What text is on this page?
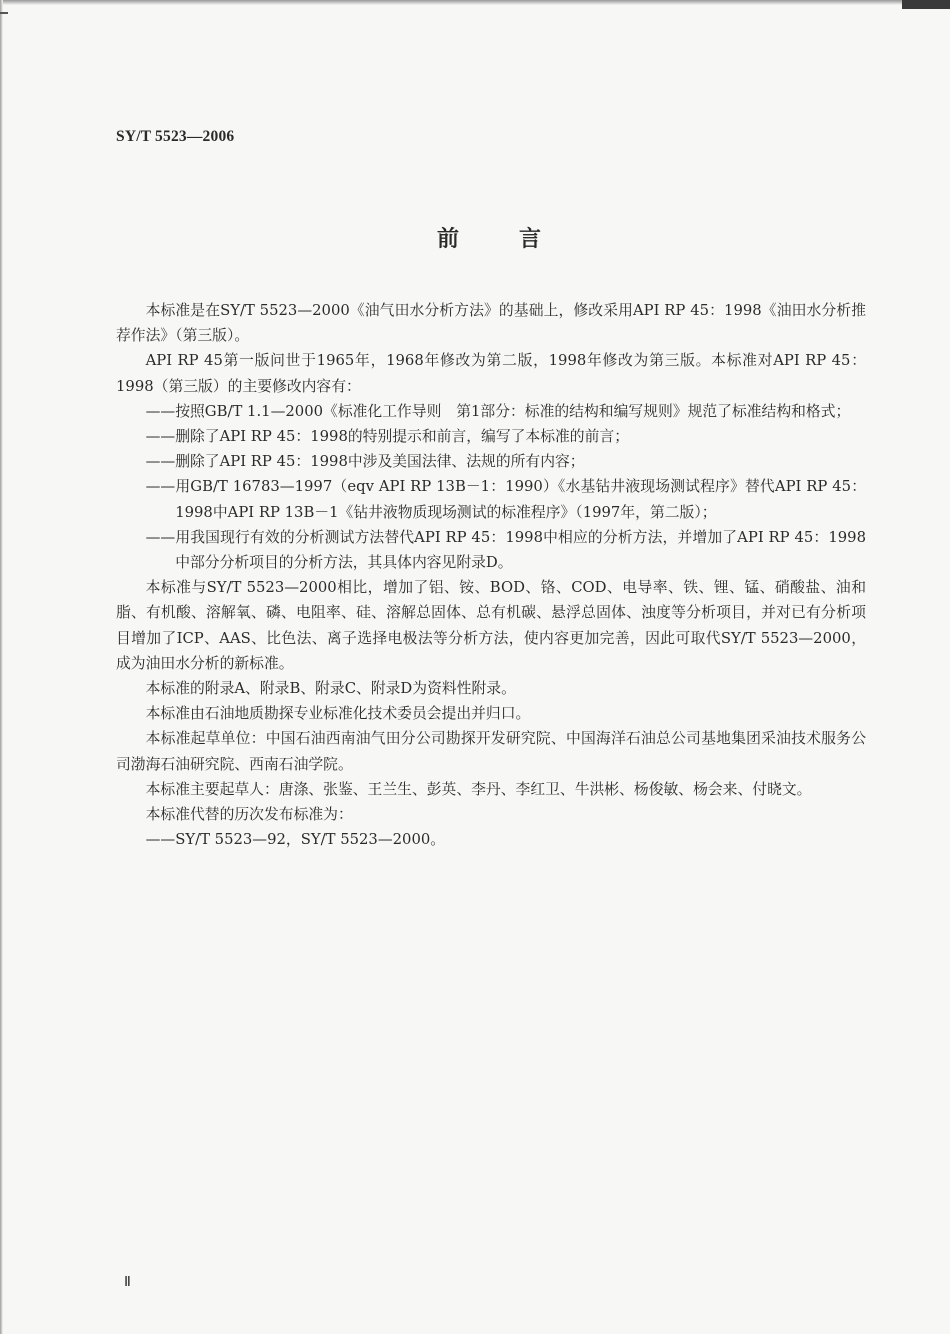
SY/T 5523—2006
前言

本标准是在SY/T 5523—2000《油气田水分析方法》的基础上，修改采用API RP 45：1998《油田水分析推荐作法》（第三版）。

API RP 45第一版问世于1965年，1968年修改为第二版，1998年修改为第三版。本标准对API RP 45：1998（第三版）的主要修改内容有：

——按照GB/T 1.1—2000《标准化工作导则　第1部分：标准的结构和编写规则》规范了标准结构和格式；

——删除了API RP 45：1998的特别提示和前言，编写了本标准的前言；

——删除了API RP 45：1998中涉及美国法律、法规的所有内容；

——用GB/T 16783—1997（eqv API RP 13B－1：1990）《水基钻井液现场测试程序》替代API RP 45：1998中API RP 13B－1《钻井液物质现场测试的标准程序》（1997年，第二版）；

——用我国现行有效的分析测试方法替代API RP 45：1998中相应的分析方法，并增加了API RP 45：1998中部分分析项目的分析方法，其具体内容见附录D。

本标准与SY/T 5523—2000相比，增加了铝、铵、BOD、铬、COD、电导率、铁、锂、锰、硝酸盐、油和脂、有机酸、溶解氧、磷、电阻率、硅、溶解总固体、总有机碳、悬浮总固体、浊度等分析项目，并对已有分析项目增加了ICP、AAS、比色法、离子选择电极法等分析方法，使内容更加完善，因此可取代SY/T 5523—2000，成为油田水分析的新标准。

本标准的附录A、附录B、附录C、附录D为资料性附录。

本标准由石油地质勘探专业标准化技术委员会提出并归口。

本标准起草单位：中国石油西南油气田分公司勘探开发研究院、中国海洋石油总公司基地集团采油技术服务公司渤海石油研究院、西南石油学院。

本标准主要起草人：唐涤、张鉴、王兰生、彭英、李丹、李红卫、牛洪彬、杨俊敏、杨会来、付晓文。

本标准代替的历次发布标准为：

——SY/T 5523—92，SY/T 5523—2000。

Ⅱ
